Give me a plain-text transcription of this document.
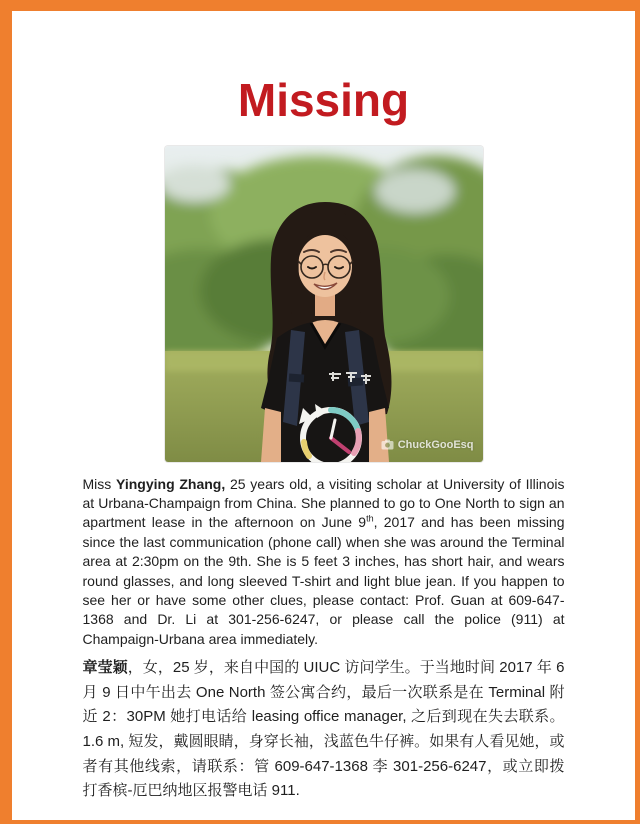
Missing
ChuckGooEsq

Miss Yingying Zhang, 25 years old, a visiting scholar at University of Illinois at Urbana-Champaign from China. She planned to go to One North to sign an apartment lease in the afternoon on June 9th, 2017 and has been missing since the last communication (phone call) when she was around the Terminal area at 2:30pm on the 9th. She is 5 feet 3 inches, has short hair, and wears round glasses, and long sleeved T-shirt and light blue jean. If you happen to see her or have some other clues, please contact: Prof. Guan at 609-647-1368 and Dr. Li at 301-256-6247, or please call the police (911) at Champaign-Urbana area immediately.

章莹颖，女，25 岁，来自中国的 UIUC 访问学生。于当地时间 2017 年 6 月 9 日中午出去 One North 签公寓合约，最后一次联系是在 Terminal 附近 2：30PM 她打电话给 leasing office manager, 之后到现在失去联系。1.6 m, 短发，戴圆眼睛，身穿长袖，浅蓝色牛仔裤。如果有人看见她，或者有其他线索，请联系：管 609-647-1368 李 301-256-6247，或立即拨打香槟-厄巴纳地区报警电话 911.
